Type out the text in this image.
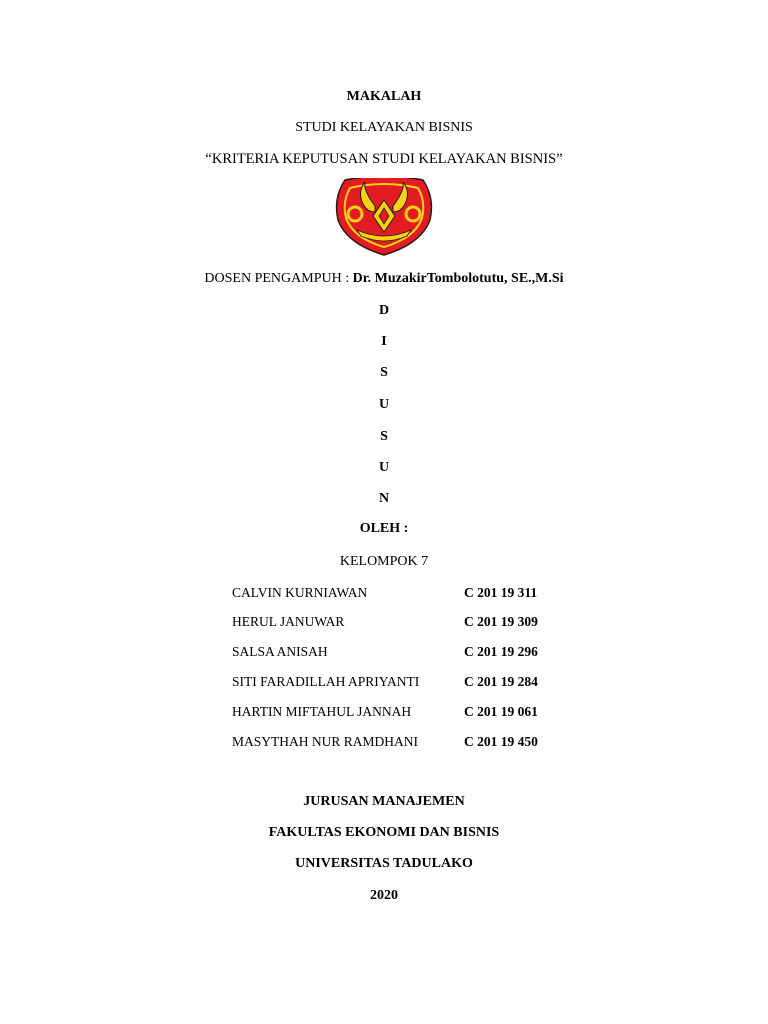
MAKALAH
STUDI KELAYAKAN BISNIS
“KRITERIA KEPUTUSAN STUDI KELAYAKAN BISNIS”
DOSEN PENGAMPUH : Dr. MuzakirTombolotutu, SE.,M.Si
D
I
S
U
S
U
N
OLEH :
KELOMPOK 7
CALVIN KURNIAWAN	C 201 19 311
HERUL JANUWAR	C 201 19 309
SALSA ANISAH	C 201 19 296
SITI FARADILLAH APRIYANTI	C 201 19 284
HARTIN MIFTAHUL JANNAH	C 201 19 061
MASYTHAH NUR RAMDHANI	C 201 19 450
JURUSAN MANAJEMEN
FAKULTAS EKONOMI DAN BISNIS
UNIVERSITAS TADULAKO
2020
